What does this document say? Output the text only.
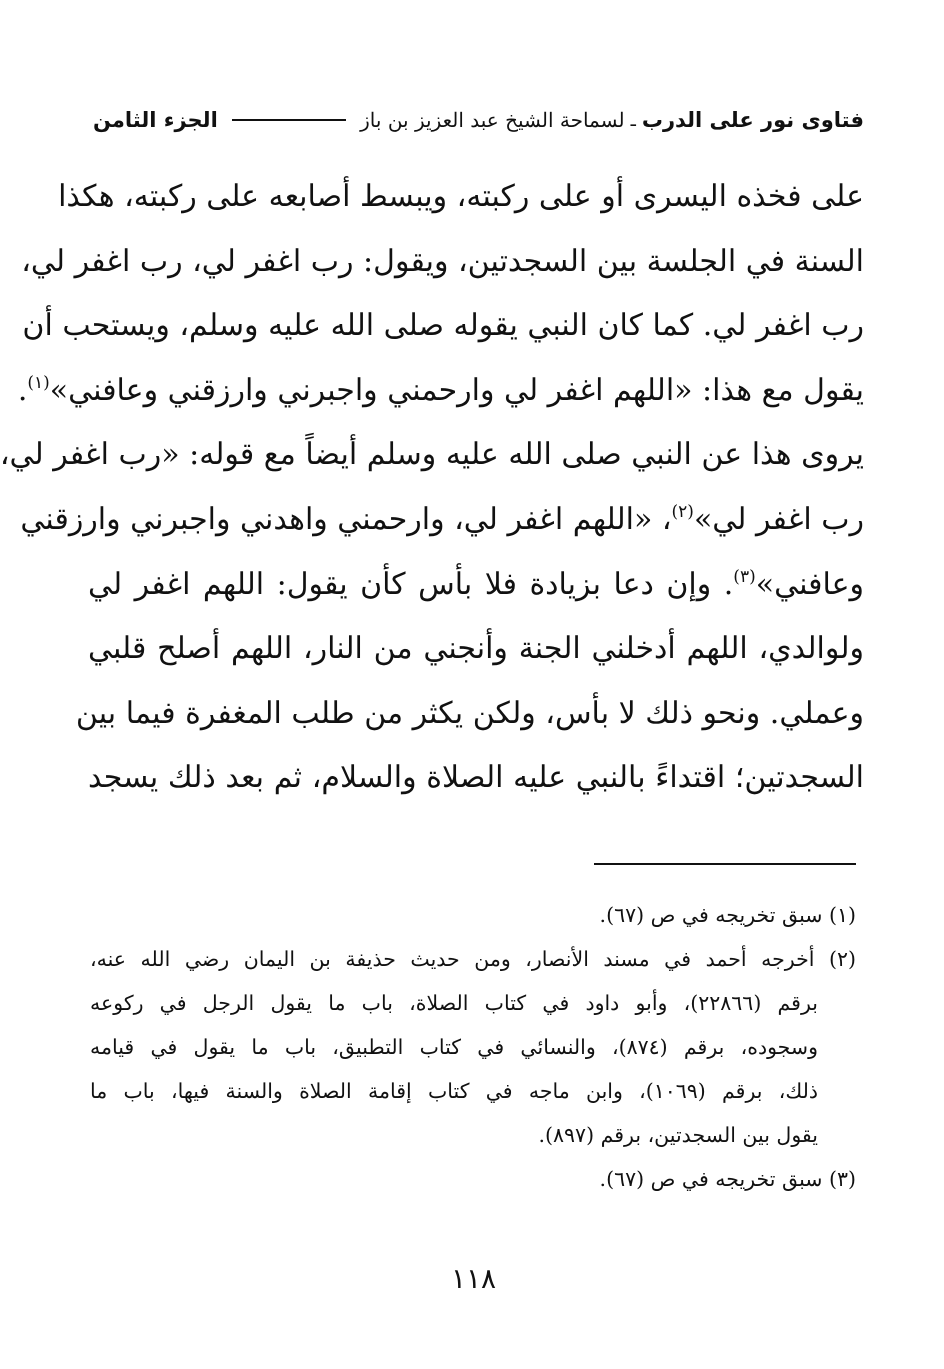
فتاوى نور على الدرب
ـ
لسماحة الشيخ عبد العزيز بن باز
الجزء الثامن
على فخذه اليسرى أو على ركبته، ويبسط أصابعه على ركبته، هكذا
السنة في الجلسة بين السجدتين، ويقول: رب اغفر لي، رب اغفر لي،
رب اغفر لي. كما كان النبي يقوله صلى الله عليه وسلم، ويستحب أن
يقول مع هذا: «اللهم اغفر لي وارحمني واجبرني وارزقني وعافني»$^{(١)}$.
يروى هذا عن النبي صلى الله عليه وسلم أيضاً مع قوله: «رب اغفر لي،
رب اغفر لي»$^{(٢)}$، «اللهم اغفر لي، وارحمني واهدني واجبرني وارزقني
وعافني»$^{(٣)}$. وإن دعا بزيادة فلا بأس كأن يقول: اللهم اغفر لي
ولوالدي، اللهم أدخلني الجنة وأنجني من النار، اللهم أصلح قلبي
وعملي. ونحو ذلك لا بأس، ولكن يكثر من طلب المغفرة فيما بين
السجدتين؛ اقتداءً بالنبي عليه الصلاة والسلام، ثم بعد ذلك يسجد
(١) سبق تخريجه في ص (٦٧).
(٢) أخرجه أحمد في مسند الأنصار، ومن حديث حذيفة بن اليمان رضي الله عنه،
برقم (٢٢٨٦٦)، وأبو داود في كتاب الصلاة، باب ما يقول الرجل في ركوعه
وسجوده، برقم (٨٧٤)، والنسائي في كتاب التطبيق، باب ما يقول في قيامه
ذلك، برقم (١٠٦٩)، وابن ماجه في كتاب إقامة الصلاة والسنة فيها، باب ما
يقول بين السجدتين، برقم (٨٩٧).
(٣) سبق تخريجه في ص (٦٧).
١١٨
